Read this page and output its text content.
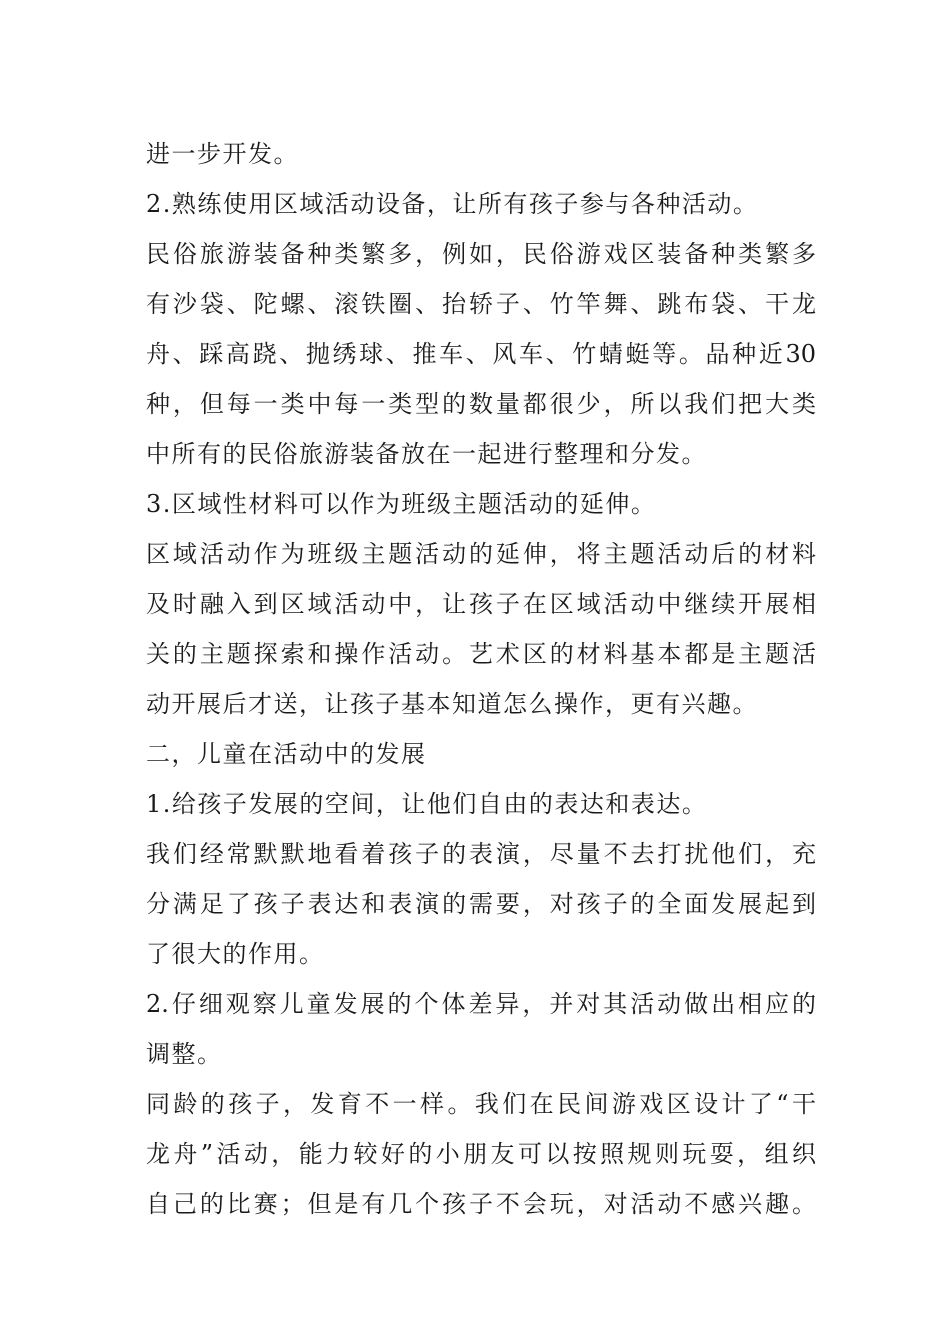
进一步开发。
2.熟练使用区域活动设备，让所有孩子参与各种活动。
民俗旅游装备种类繁多，例如，民俗游戏区装备种类繁多
有沙袋、陀螺、滚铁圈、抬轿子、竹竿舞、跳布袋、干龙
舟、踩高跷、抛绣球、推车、风车、竹蜻蜓等。品种近30
种，但每一类中每一类型的数量都很少，所以我们把大类
中所有的民俗旅游装备放在一起进行整理和分发。
3.区域性材料可以作为班级主题活动的延伸。
区域活动作为班级主题活动的延伸，将主题活动后的材料
及时融入到区域活动中，让孩子在区域活动中继续开展相
关的主题探索和操作活动。艺术区的材料基本都是主题活
动开展后才送，让孩子基本知道怎么操作，更有兴趣。
二，儿童在活动中的发展
1.给孩子发展的空间，让他们自由的表达和表达。
我们经常默默地看着孩子的表演，尽量不去打扰他们，充
分满足了孩子表达和表演的需要，对孩子的全面发展起到
了很大的作用。
2.仔细观察儿童发展的个体差异，并对其活动做出相应的
调整。
同龄的孩子，发育不一样。我们在民间游戏区设计了“干
龙舟”活动，能力较好的小朋友可以按照规则玩耍，组织
自己的比赛；但是有几个孩子不会玩，对活动不感兴趣。
